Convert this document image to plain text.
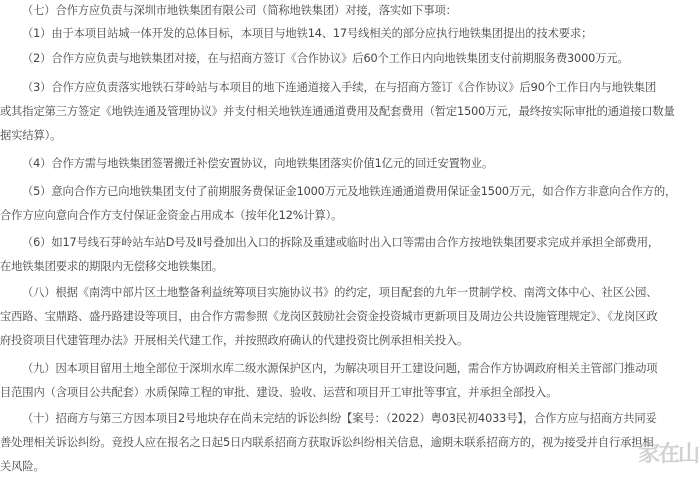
（七）合作方应负责与深圳市地铁集团有限公司（简称地铁集团）对接，落实如下事项：

（1）由于本项目站城一体开发的总体目标，本项目与地铁14、17号线相关的部分应执行地铁集团提出的技术要求；

（2）合作方应负责与地铁集团对接，在与招商方签订《合作协议》后60个工作日内向地铁集团支付前期服务费3000万元。

（3）合作方应负责落实地铁石芽岭站与本项目的地下连通道接入手续，在与招商方签订《合作协议》后90个工作日内与地铁集团
或其指定第三方签定《地铁连通及管理协议》并支付相关地铁连通通道费用及配套费用（暂定1500万元，最终按实际审批的通道接口数量
据实结算）。

（4）合作方需与地铁集团签署搬迁补偿安置协议，向地铁集团落实价值1亿元的回迁安置物业。

（5）意向合作方已向地铁集团支付了前期服务费保证金1000万元及地铁连通通道费用保证金1500万元，如合作方非意向合作方的，
合作方应向意向合作方支付保证金资金占用成本（按年化12%计算）。

（6）如17号线石芽岭站车站D号及Ⅱ号叠加出入口的拆除及重建或临时出入口等需由合作方按地铁集团要求完成并承担全部费用，
在地铁集团要求的期限内无偿移交地铁集团。

（八）根据《南湾中部片区土地整备利益统筹项目实施协议书》的约定，项目配套的九年一贯制学校、南湾文体中心、社区公园、
宝西路、宝鼎路、盛丹路建设等项目，由合作方需参照《龙岗区鼓励社会资金投资城市更新项目及周边公共设施管理规定》、《龙岗区政
府投资项目代建管理办法》开展相关代建工作，并按照政府确认的代建投资比例承担相关投入。

（九）因本项目留用土地全部位于深圳水库二级水源保护区内，为解决项目开工建设问题，需合作方协调政府相关主管部门推动项
目范围内（含项目公共配套）水质保障工程的审批、建设、验收、运营和项目开工审批等事宜，并承担全部投入。

（十）招商方与第三方因本项目2号地块存在尚未完结的诉讼纠纷【案号：（2022）粤03民初4033号】，合作方应与招商方共同妥
善处理相关诉讼纠纷。竞投人应在报名之日起5日内联系招商方获取诉讼纠纷相关信息，逾期未联系招商方的，视为接受并自行承担相
关风险。	家在山
